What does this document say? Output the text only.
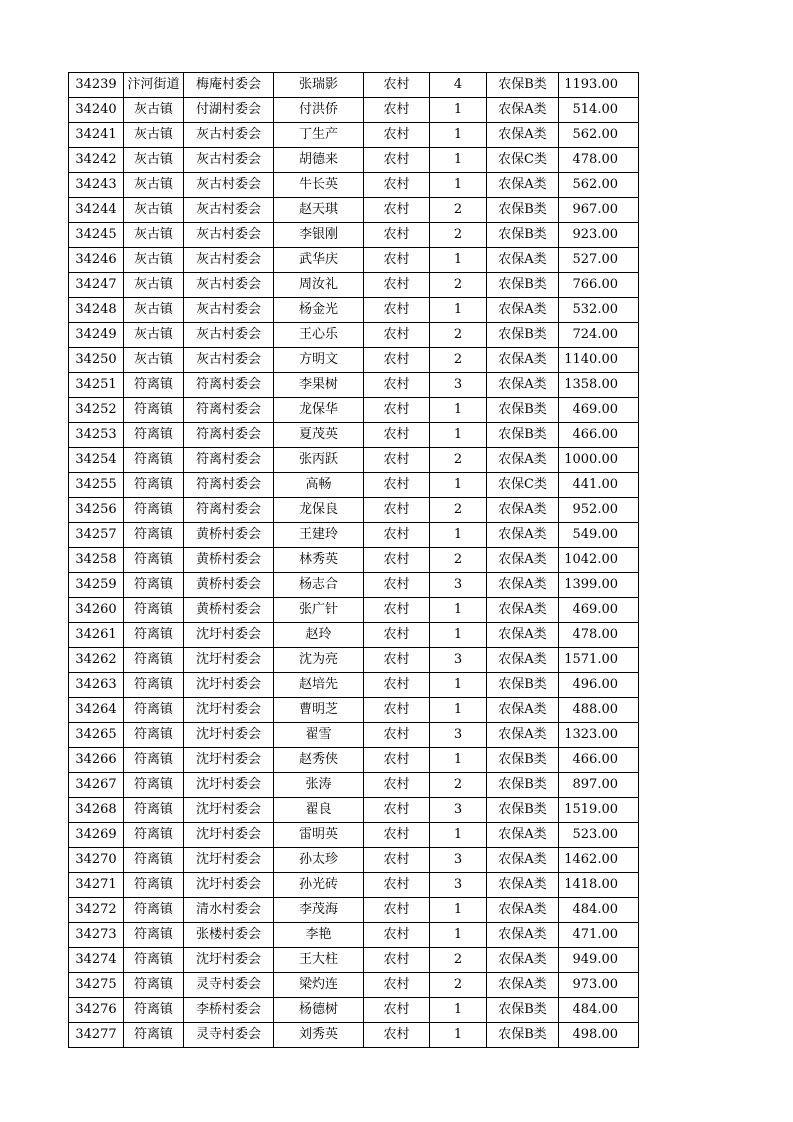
34239	汴河街道	梅庵村委会	张瑞影	农村	4	农保B类	1193.00
34240	灰古镇	付湖村委会	付洪侨	农村	1	农保A类	514.00
34241	灰古镇	灰古村委会	丁生产	农村	1	农保A类	562.00
34242	灰古镇	灰古村委会	胡德来	农村	1	农保C类	478.00
34243	灰古镇	灰古村委会	牛长英	农村	1	农保A类	562.00
34244	灰古镇	灰古村委会	赵天琪	农村	2	农保B类	967.00
34245	灰古镇	灰古村委会	李银刚	农村	2	农保B类	923.00
34246	灰古镇	灰古村委会	武华庆	农村	1	农保A类	527.00
34247	灰古镇	灰古村委会	周汝礼	农村	2	农保B类	766.00
34248	灰古镇	灰古村委会	杨金光	农村	1	农保A类	532.00
34249	灰古镇	灰古村委会	王心乐	农村	2	农保B类	724.00
34250	灰古镇	灰古村委会	方明文	农村	2	农保A类	1140.00
34251	符离镇	符离村委会	李果树	农村	3	农保A类	1358.00
34252	符离镇	符离村委会	龙保华	农村	1	农保B类	469.00
34253	符离镇	符离村委会	夏茂英	农村	1	农保B类	466.00
34254	符离镇	符离村委会	张丙跃	农村	2	农保A类	1000.00
34255	符离镇	符离村委会	高畅	农村	1	农保C类	441.00
34256	符离镇	符离村委会	龙保良	农村	2	农保A类	952.00
34257	符离镇	黄桥村委会	王建玲	农村	1	农保A类	549.00
34258	符离镇	黄桥村委会	林秀英	农村	2	农保A类	1042.00
34259	符离镇	黄桥村委会	杨志合	农村	3	农保A类	1399.00
34260	符离镇	黄桥村委会	张广针	农村	1	农保A类	469.00
34261	符离镇	沈圩村委会	赵玲	农村	1	农保A类	478.00
34262	符离镇	沈圩村委会	沈为亮	农村	3	农保A类	1571.00
34263	符离镇	沈圩村委会	赵培先	农村	1	农保B类	496.00
34264	符离镇	沈圩村委会	曹明芝	农村	1	农保A类	488.00
34265	符离镇	沈圩村委会	翟雪	农村	3	农保A类	1323.00
34266	符离镇	沈圩村委会	赵秀侠	农村	1	农保B类	466.00
34267	符离镇	沈圩村委会	张涛	农村	2	农保B类	897.00
34268	符离镇	沈圩村委会	翟良	农村	3	农保B类	1519.00
34269	符离镇	沈圩村委会	雷明英	农村	1	农保A类	523.00
34270	符离镇	沈圩村委会	孙太珍	农村	3	农保A类	1462.00
34271	符离镇	沈圩村委会	孙光砖	农村	3	农保A类	1418.00
34272	符离镇	清水村委会	李茂海	农村	1	农保A类	484.00
34273	符离镇	张楼村委会	李艳	农村	1	农保A类	471.00
34274	符离镇	沈圩村委会	王大柱	农村	2	农保A类	949.00
34275	符离镇	灵寺村委会	梁灼连	农村	2	农保A类	973.00
34276	符离镇	李桥村委会	杨德树	农村	1	农保B类	484.00
34277	符离镇	灵寺村委会	刘秀英	农村	1	农保B类	498.00
